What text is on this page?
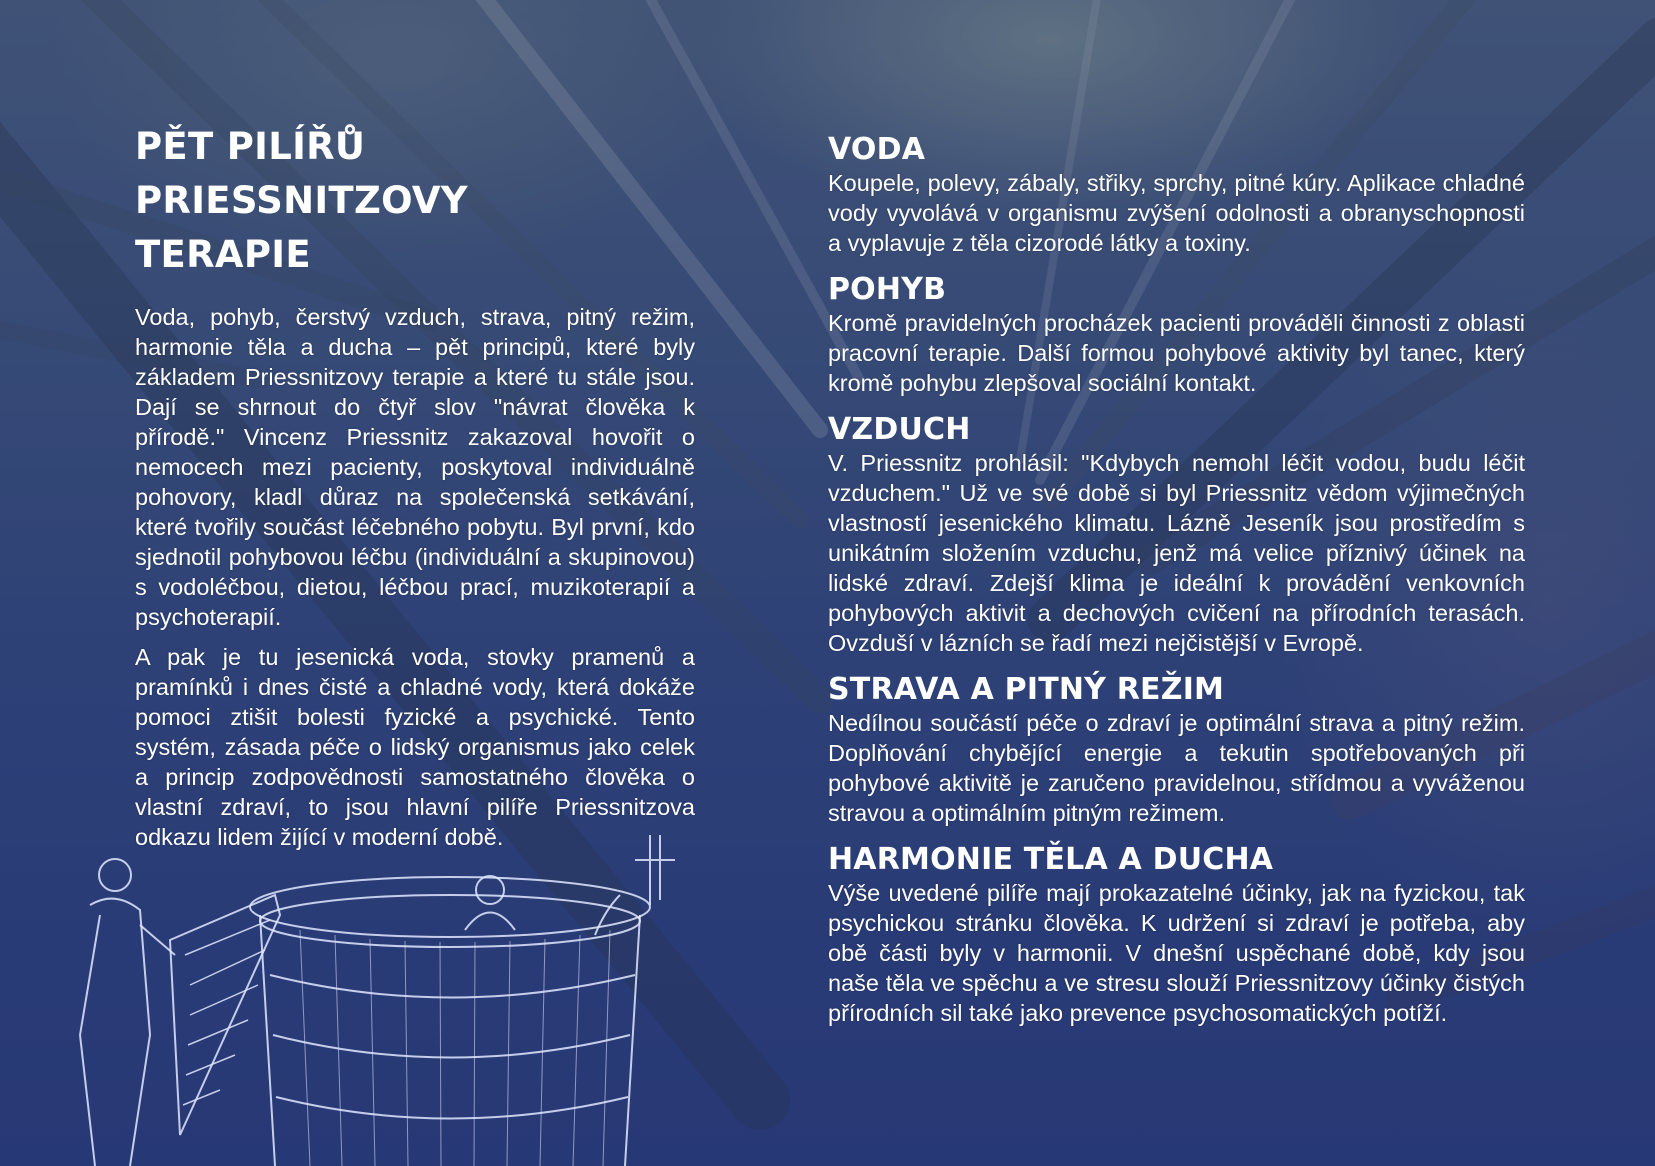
PĚT PILÍŘŮ
PRIESSNITZOVY
TERAPIE

Voda, pohyb, čerstvý vzduch, strava, pitný režim, harmonie těla a ducha – pět principů, které byly základem Priessnitzovy terapie a které tu stále jsou. Dají se shrnout do čtyř slov "návrat člověka k přírodě." Vincenz Priessnitz zakazoval hovořit o nemocech mezi pacienty, poskytoval individuálně pohovory, kladl důraz na společenská setkávání, které tvořily součást léčebného pobytu. Byl první, kdo sjednotil pohybovou léčbu (individuální a skupinovou) s vodoléčbou, dietou, léčbou prací, muzikoterapií a psychoterapií.

A pak je tu jesenická voda, stovky pramenů a pramínků i dnes čisté a chladné vody, která dokáže pomoci ztišit bolesti fyzické a psychické. Tento systém, zásada péče o lidský organismus jako celek a princip zodpovědnosti samostatného člověka o vlastní zdraví, to jsou hlavní pilíře Priessnitzova odkazu lidem žijící v moderní době.

VODA

Koupele, polevy, zábaly, střiky, sprchy, pitné kúry. Aplikace chladné vody vyvolává v organismu zvýšení odolnosti a obranyschopnosti a vyplavuje z těla cizorodé látky a toxiny.

POHYB

Kromě pravidelných procházek pacienti prováděli činnosti z oblasti pracovní terapie. Další formou pohybové aktivity byl tanec, který kromě pohybu zlepšoval sociální kontakt.

VZDUCH

V. Priessnitz prohlásil: "Kdybych nemohl léčit vodou, budu léčit vzduchem." Už ve své době si byl Priessnitz vědom výjimečných vlastností jesenického klimatu. Lázně Jeseník jsou prostředím s unikátním složením vzduchu, jenž má velice příznivý účinek na lidské zdraví. Zdejší klima je ideální k provádění venkovních pohybových aktivit a dechových cvičení na přírodních terasách. Ovzduší v lázních se řadí mezi nejčistější v Evropě.

STRAVA A PITNÝ REŽIM

Nedílnou součástí péče o zdraví je optimální strava a pitný režim. Doplňování chybějící energie a tekutin spotřebovaných při pohybové aktivitě je zaručeno pravidelnou, střídmou a vyváženou stravou a optimálním pitným režimem.

HARMONIE TĚLA A DUCHA

Výše uvedené pilíře mají prokazatelné účinky, jak na fyzickou, tak psychickou stránku člověka. K udržení si zdraví je potřeba, aby obě části byly v harmonii. V dnešní uspěchané době, kdy jsou naše těla ve spěchu a ve stresu slouží Priessnitzovy účinky čistých přírodních sil také jako prevence psychosomatických potíží.
